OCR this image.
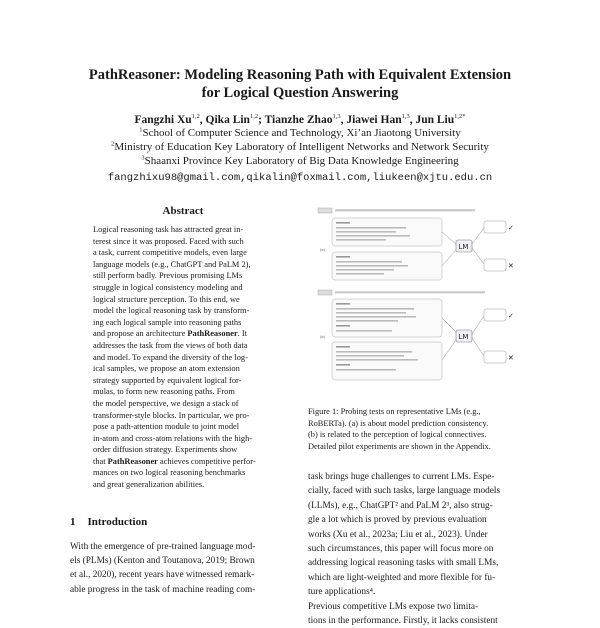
PathReasoner: Modeling Reasoning Path with Equivalent Extension
for Logical Question Answering
Fangzhi Xu$^{1,2}$, Qika Lin$^{1,2}$; Tianzhe Zhao$^{1,3}$, Jiawei Han$^{1,3}$, Jun Liu$^{1,2*}$
$^1$School of Computer Science and Technology, Xi’an Jiaotong University
$^2$Ministry of Education Key Laboratory of Intelligent Networks and Network Security
$^3$Shaanxi Province Key Laboratory of Big Data Knowledge Engineering
fangzhixu98@gmail.com,qikalin@foxmail.com,liukeen@xjtu.edu.cn
Abstract
Logical reasoning task has attracted great in-
terest since it was proposed. Faced with such
a task, current competitive models, even large
language models (e.g., ChatGPT and PaLM 2),
still perform badly. Previous promising LMs
struggle in logical consistency modeling and
logical structure perception. To this end, we
model the logical reasoning task by transform-
ing each logical sample into reasoning paths
and propose an architecture PathReasoner. It
addresses the task from the views of both data
and model. To expand the diversity of the log-
ical samples, we propose an atom extension
strategy supported by equivalent logical for-
mulas, to form new reasoning paths. From
the model perspective, we design a stack of
transformer-style blocks. In particular, we pro-
pose a path-attention module to joint model
in-atom and cross-atom relations with the high-
order diffusion strategy. Experiments show
that PathReasoner achieves competitive perfor-
mances on two logical reasoning benchmarks
and great generalization abilities.
1 Introduction
With the emergence of pre-trained language mod-
els (PLMs) (Kenton and Toutanova, 2019; Brown
et al., 2020), recent years have witnessed remark-
able progress in the task of machine reading com-
(a)	LM
✓
✕
(b)	LM
✓
✕
Figure 1: Probing tests on representative LMs (e.g.,
RoBERTa). (a) is about model prediction consistency.
(b) is related to the perception of logical connectives.
Detailed pilot experiments are shown in the Appendix.
task brings huge challenges to current LMs. Espe-
cially, faced with such tasks, large language models
(LLMs), e.g., ChatGPT² and PaLM 2³, also strug-
gle a lot which is proved by previous evaluation
works (Xu et al., 2023a; Liu et al., 2023). Under
such circumstances, this paper will focus more on
addressing logical reasoning tasks with small LMs,
which are light-weighted and more flexible for fu-
ture applications⁴.
Previous competitive LMs expose two limita-
tions in the performance. Firstly, it lacks consistent
